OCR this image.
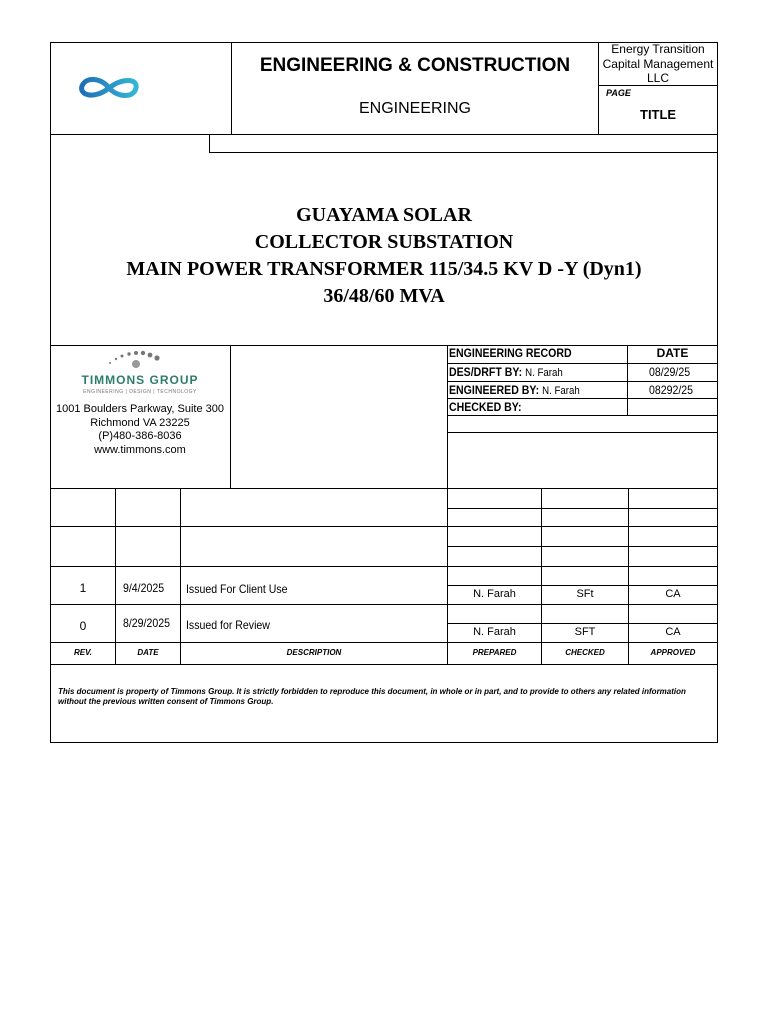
ENGINEERING & CONSTRUCTION
ENGINEERING
Energy Transition Capital Management LLC
PAGE
TITLE
GUAYAMA SOLAR
COLLECTOR SUBSTATION
MAIN POWER TRANSFORMER 115/34.5 KV D -Y (Dyn1)
36/48/60 MVA
TIMMONS GROUP
ENGINEERING | DESIGN | TECHNOLOGY
1001 Boulders Parkway, Suite 300
Richmond VA 23225
(P)480-386-8036
www.timmons.com
ENGINEERING RECORD	DATE
DES/DRFT BY: N. Farah	08/29/25
ENGINEERED BY: N. Farah	08292/25
CHECKED BY:
1	9/4/2025 Issued For Client Use	N. Farah	SFt	CA
0	8/29/2025 Issued for Review	N. Farah	SFT	CA
REV.	DATE	DESCRIPTION	PREPARED	CHECKED	APPROVED
This document is property of Timmons Group. It is strictly forbidden to reproduce this document, in whole or in part, and to provide to others any related information without the previous written consent of Timmons Group.
